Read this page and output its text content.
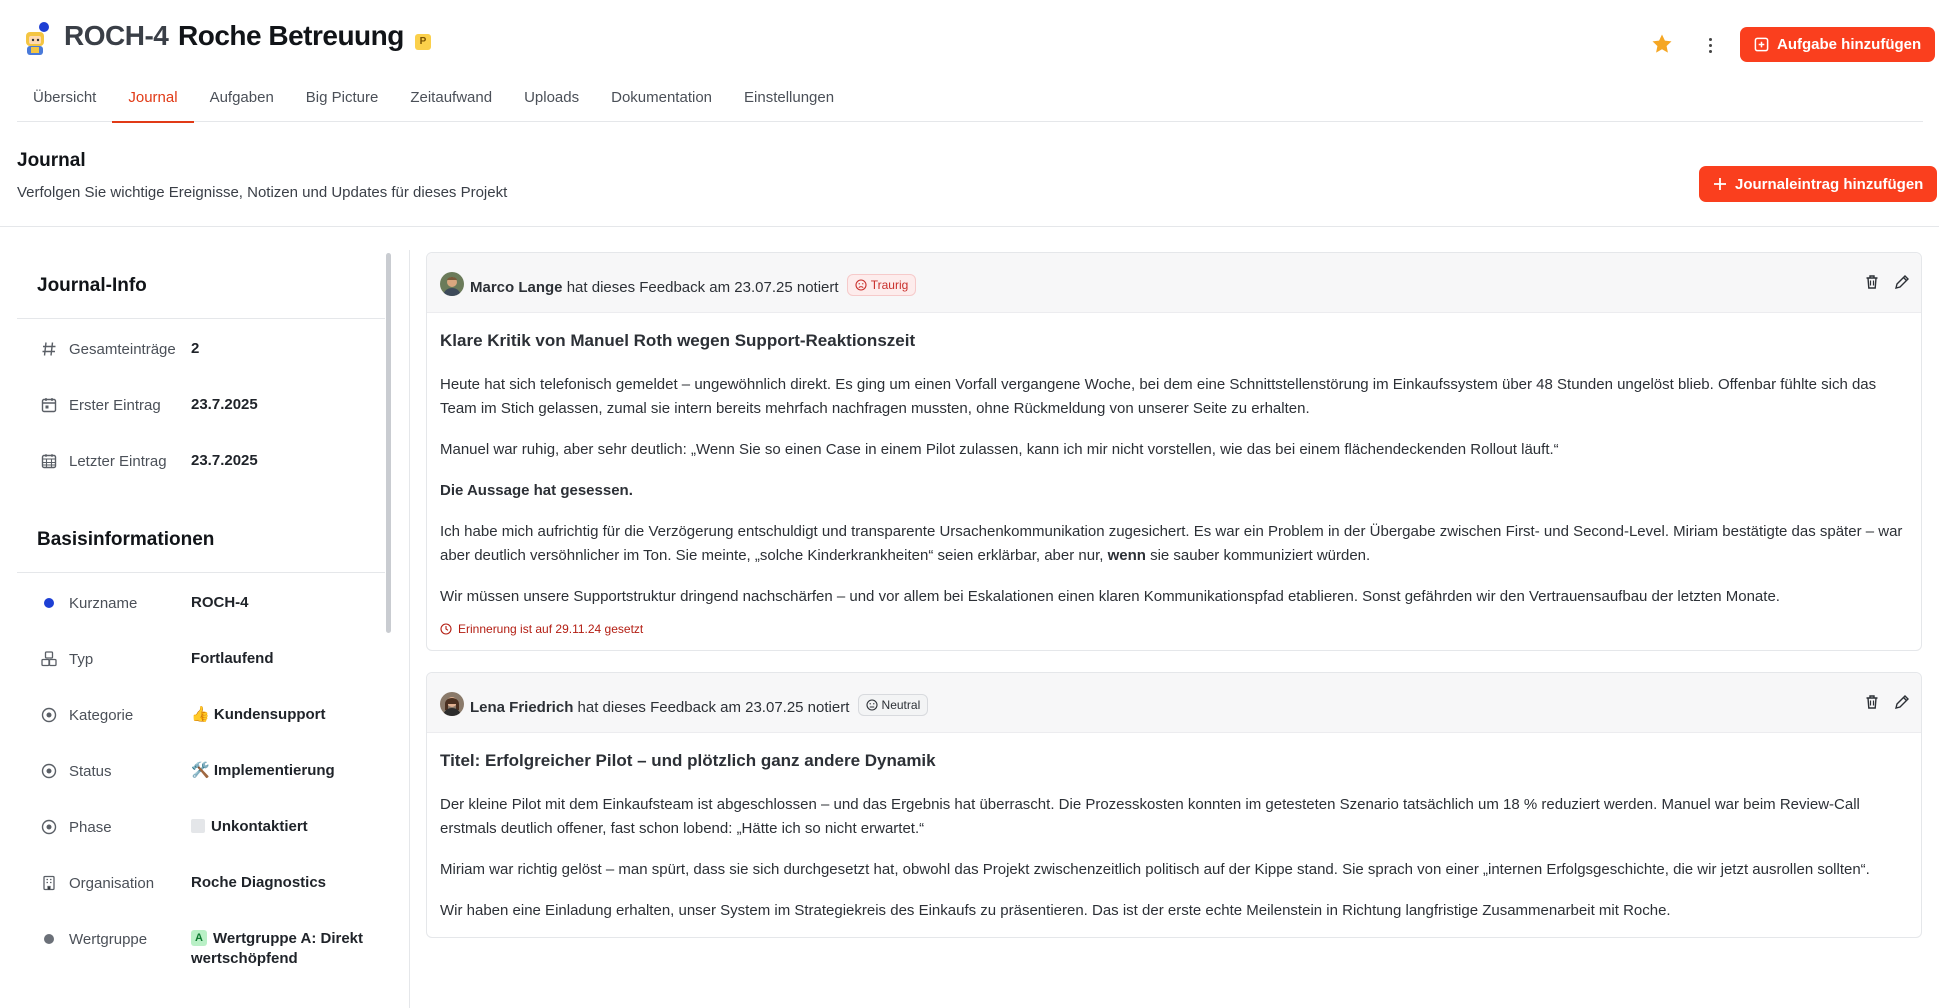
ROCH-4 Roche Betreuung	P	Aufgabe hinzufügen
Übersicht	Journal	Aufgaben	Big Picture	Zeitaufwand	Uploads	Dokumentation	Einstellungen
Journal
Verfolgen Sie wichtige Ereignisse, Notizen und Updates für dieses Projekt	Journaleintrag hinzufügen
Journal-Info
Gesamteinträge 2
Erster Eintrag 23.7.2025
Letzter Eintrag 23.7.2025
Basisinformationen
Kurzname	ROCH-4
Typ	Fortlaufend
Kategorie	👍 Kundensupport
Status	🛠️ Implementierung
Phase	Unkontaktiert
Organisation Roche Diagnostics
Wertgruppe	A Wertgruppe A: Direkt wertschöpfend
Marco Lange hat dieses Feedback am 23.07.25 notiert	Traurig
Klare Kritik von Manuel Roth wegen Support-Reaktionszeit

Heute hat sich telefonisch gemeldet – ungewöhnlich direkt. Es ging um einen Vorfall vergangene Woche, bei dem eine Schnittstellenstörung im Einkaufssystem über 48 Stunden ungelöst blieb. Offenbar fühlte sich das Team im Stich gelassen, zumal sie intern bereits mehrfach nachfragen mussten, ohne Rückmeldung von unserer Seite zu erhalten.

Manuel war ruhig, aber sehr deutlich: „Wenn Sie so einen Case in einem Pilot zulassen, kann ich mir nicht vorstellen, wie das bei einem flächendeckenden Rollout läuft.“

Die Aussage hat gesessen.

Ich habe mich aufrichtig für die Verzögerung entschuldigt und transparente Ursachenkommunikation zugesichert. Es war ein Problem in der Übergabe zwischen First- und Second-Level. Miriam bestätigte das später – war aber deutlich versöhnlicher im Ton. Sie meinte, „solche Kinderkrankheiten“ seien erklärbar, aber nur, wenn sie sauber kommuniziert würden.

Wir müssen unsere Supportstruktur dringend nachschärfen – und vor allem bei Eskalationen einen klaren Kommunikationspfad etablieren. Sonst gefährden wir den Vertrauensaufbau der letzten Monate.

Erinnerung ist auf 29.11.24 gesetzt
Lena Friedrich hat dieses Feedback am 23.07.25 notiert	Neutral
Titel: Erfolgreicher Pilot – und plötzlich ganz andere Dynamik

Der kleine Pilot mit dem Einkaufsteam ist abgeschlossen – und das Ergebnis hat überrascht. Die Prozesskosten konnten im getesteten Szenario tatsächlich um 18 % reduziert werden. Manuel war beim Review-Call erstmals deutlich offener, fast schon lobend: „Hätte ich so nicht erwartet.“

Miriam war richtig gelöst – man spürt, dass sie sich durchgesetzt hat, obwohl das Projekt zwischenzeitlich politisch auf der Kippe stand. Sie sprach von einer „internen Erfolgsgeschichte, die wir jetzt ausrollen sollten“.

Wir haben eine Einladung erhalten, unser System im Strategiekreis des Einkaufs zu präsentieren. Das ist der erste echte Meilenstein in Richtung langfristige Zusammenarbeit mit Roche.
